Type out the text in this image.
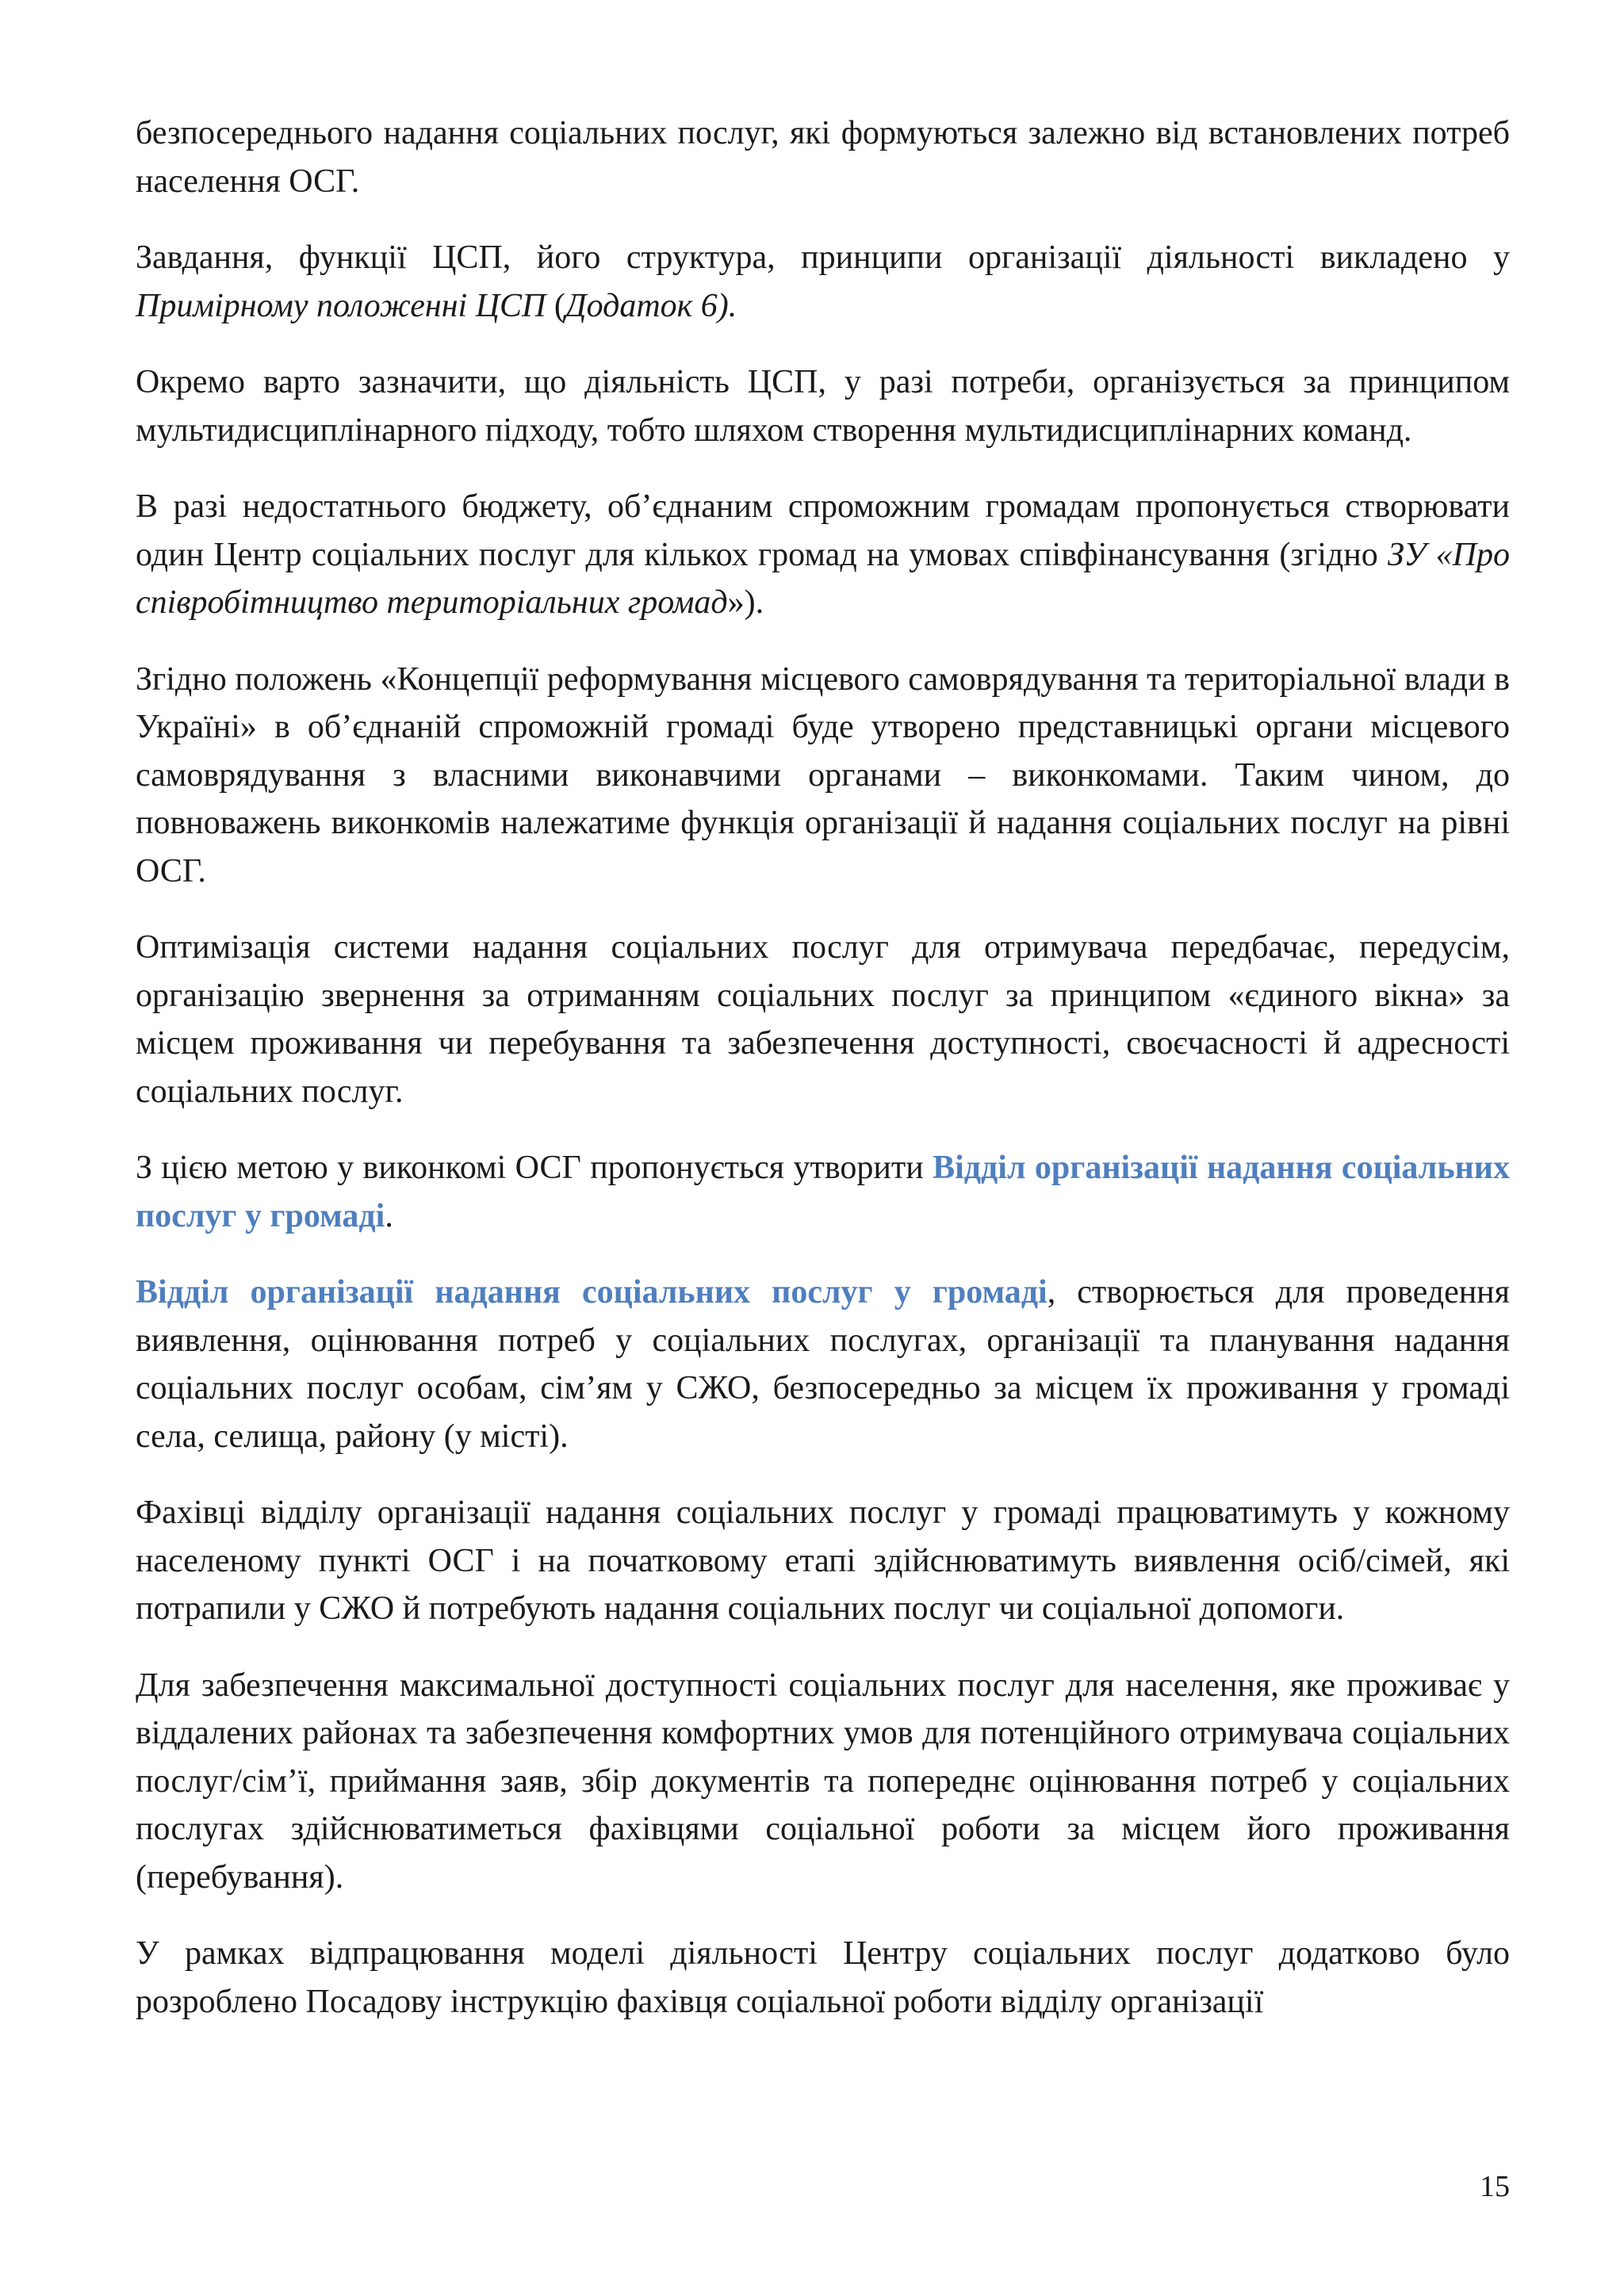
безпосереднього надання соціальних послуг, які формуються залежно від встановлених потреб населення ОСГ.

Завдання, функції ЦСП, його структура, принципи організації діяльності викладено у Примірному положенні ЦСП (Додаток 6).

Окремо варто зазначити, що діяльність ЦСП, у разі потреби, організується за принципом мультидисциплінарного підходу, тобто шляхом створення мультидисциплінарних команд.

В разі недостатнього бюджету, об’єднаним спроможним громадам пропонується створювати один Центр соціальних послуг для кількох громад на умовах співфінансування (згідно ЗУ «Про співробітництво територіальних громад»).

Згідно положень «Концепції реформування місцевого самоврядування та територіальної влади в Україні» в об’єднаній спроможній громаді буде утворено представницькі органи місцевого самоврядування з власними виконавчими органами – виконкомами. Таким чином, до повноважень виконкомів належатиме функція організації й надання соціальних послуг на рівні ОСГ.

Оптимізація системи надання соціальних послуг для отримувача передбачає, передусім, організацію звернення за отриманням соціальних послуг за принципом «єдиного вікна» за місцем проживання чи перебування та забезпечення доступності, своєчасності й адресності соціальних послуг.

З цією метою у виконкомі ОСГ пропонується утворити Відділ організації надання соціальних послуг у громаді.

Відділ організації надання соціальних послуг у громаді, створюється для проведення виявлення, оцінювання потреб у соціальних послугах, організації та планування надання соціальних послуг особам, сім’ям у СЖО, безпосередньо за місцем їх проживання у громаді села, селища, району (у місті).

Фахівці відділу організації надання соціальних послуг у громаді працюватимуть у кожному населеному пункті ОСГ і на початковому етапі здійснюватимуть виявлення осіб/сімей, які потрапили у СЖО й потребують надання соціальних послуг чи соціальної допомоги.

Для забезпечення максимальної доступності соціальних послуг для населення, яке проживає у віддалених районах та забезпечення комфортних умов для потенційного отримувача соціальних послуг/сім’ї, приймання заяв, збір документів та попереднє оцінювання потреб у соціальних послугах здійснюватиметься фахівцями соціальної роботи за місцем його проживання (перебування).

У рамках відпрацювання моделі діяльності Центру соціальних послуг додатково було розроблено Посадову інструкцію фахівця соціальної роботи відділу організації

15
